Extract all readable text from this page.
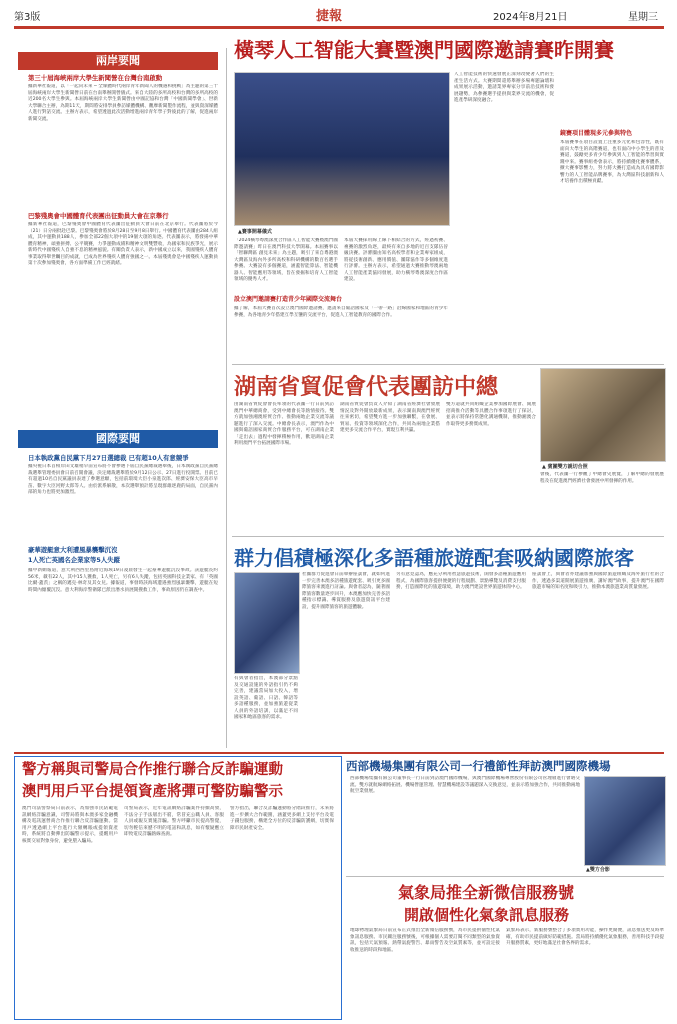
第3版	捷報	2024年8月21日	星期三
兩岸要聞
第三十屆海峽兩岸大學生新聞營在台灣台南啟動
據新華社報道，以「一起向未來 ─ 全媒體時代兩岸青年新聞人的機遇和挑戰」為主題的第三十屆海峽兩岸大學生新聞營日前在台南舉辦開營儀式。來自大陸的多所高校和台灣的多所高校的近200名大學生參與。本屆海峽兩岸大學生新聞營由中國記協和台灣「中國新聞學會」、世新大學聯合主辦，為期11天，期間將安排學員參訪媒體機構、觀摩新聞製作流程，並與資深媒體人進行對話交流。主辦方表示，希望透過此次活動增進兩岸青年學子對彼此的了解，促進兩岸新聞交流。
巴黎殘奧會中國體育代表團出征動員大會在京舉行
據新華社報道，巴黎殘奧會中國體育代表團出征動員大會日前在北京舉行。代表團將於今（21）日分兩批赴巴黎。巴黎殘奧會將於8月28日至9月8日舉行。中國體育代表團由284人組成，其中運動員188人，參加全部22個大項中的19個大項的角逐。代表團表示，將發揚中華體育精神，頑強拼搏、公平競賽，力爭運動成績和精神文明雙豐收，為國家和民族爭光，展示新時代中國殘疾人自強不息的精神風貌。有關負責人表示，新中國成立以來，我國殘疾人體育事業取得舉世矚目的成就，已成為世界殘疾人體育強國之一。本屆殘奧會是中國殘疾人運動員第十次參加殘奧會，各方面準備工作已經就緒。
國際要聞
日本執政黨自民黨下月27日選總裁 已有超10人有意競爭
據央視日本首相岸田文雄稍早前宣布將不會參選下屆自民黨總裁選舉後，日本執政黨自民黨總裁選舉管理委員會日前召開會議，決定總裁選舉將於9月12日公示、27日進行投開票。目前已有超過10名自民黨議員表達了參選意願，包括前環境大臣小泉進次郎、經濟安保大臣高市早苗、數字大臣河野太郎等人。由於派系解散，本次選舉預計將呈現群雄逐鹿的局面，自民黨內部的角力也將更加激烈。
豪華遊艇意大利遭風暴襲擊沉沒
1人死亡英國名企業家等5人失蹤
據中新網報道，意大利西西里島附近海域19日凌晨發生一起豪華遊艇沉沒事故。該遊艇長約56米，載有22人，其中15人獲救，1人死亡，另有6人失蹤，包括英國科技企業家、有「英國比爾·蓋茨」之稱的邁克·林奇及其女兒。據報道，事發時該海域遭遇強烈風暴襲擊，遊艇在短時間內傾覆沉沒。意大利海岸警衛隊已派出潛水員展開搜救工作，事故原因仍在調查中。
橫琴人工智能大賽暨澳門國際邀請賽昨開賽
▲賽事開幕儀式
「2024橫琴粵澳深度合作區人工智能大賽暨澳門國際邀請賽」昨日在澳門科技大學開幕。本屆賽事以「智聯灣區 創見未來」為主題，吸引了來自粵港澳大灣區及海內外多所高校和科研機構的數百名選手參賽。大賽設有多個賽道，涵蓋智能算法、智能機器人、智能應用等領域，旨在發掘和培育人工智能領域的優秀人才。
設立澳門邀請賽打造青少年國際交流舞台
據了解，本屆大賽首次設立澳門國際邀請賽，邀請來自葡語國家及「一帶一路」沿線國家和地區的青少年參賽，為各地青少年搭建互學互鑒的交流平台，促進人工智能教育的國際合作。
本屆大賽採用線上線下相結合的方式，經過初賽、複賽的激烈角逐，最終有來自多地的近百支隊伍晉級決賽。評審團由知名高校學者和企業專家組成，將從技術創新、應用價值、團隊協作等多個維度進行評審。主辦方表示，希望通過大賽推動琴澳兩地人工智能產業協同發展，助力橫琴粵澳深度合作區建設。
人工智能技術的快速發展正深刻改變著人們的生產生活方式。大賽期間還將舉辦多場專題論壇和成果展示活動，邀請業界專家分享前沿技術和發展趨勢，為參賽選手提供與業界交流的機會，促進產學研深度融合。
鏡賽項目體現多元參與特色
本屆賽事在項目設置上注重多元化和包容性，既有面向大學生的高階賽道，也有面向中小學生的普及賽道，鼓勵更多青少年參與到人工智能的學習與實踐中來。賽事組委會表示，將持續優化賽事體系，擴大賽事影響力，努力將大賽打造成為具有國際影響力的人工智能品牌賽事，為大灣區科技創新和人才培養作出積極貢獻。
湖南省貿促會代表團訪中總
由湖南省貿促會會長率領的代表團一行日前到訪澳門中華總商會，受到中總會長等熱情接待。雙方就加強湘澳經貿合作、推動兩地企業交流等議題進行了深入交流。中總會長表示，澳門作為中國與葡語國家商貿合作服務平台，可在湖南企業「走出去」過程中發揮積極作用，歡迎湖南企業利用澳門平台拓展國際市場。
湖南省貿促會負責人介紹了湖南省經濟社會發展情況及對外開放最新成果，表示湖南與澳門經貿往來密切，希望雙方進一步加強聯繫，在會展、貿易、投資等領域深化合作，共同為兩地企業搭建更多交流合作平台，實現互利共贏。
雙方還就共同組織企業參加國際展會、開展招商推介活動等具體合作事項進行了探討，並表示將保持常態化溝通機制，推動湘澳合作取得更多務實成果。
▲ 賓團雙方親切合照
會後，代表團一行參觀了中總會史展覽，了解中總的發展歷程及在促進澳門經濟社會發展中所發揮的作用。
群力倡積極深化多語種旅遊配套吸納國際旅客
社團群力促進會日前舉辦座談會，就如何進一步完善本澳多語種旅遊配套、吸引更多國際旅客來澳進行討論。與會者認為，隨著國際旅客數量逐步回升，本澳應加快完善多語種指示標識、導賞服務及旅遊資訊平台建設，提升國際旅客的旅遊體驗。
有與會者指出，本澳部分景點及交通設施的外語指引仍不夠完善，建議當局加大投入，增設英語、葡語、日語、韓語等多語種服務，並加強旅遊從業人員的外語培訓，以滿足不同國家和地區旅客的需求。
另有意見認為，應充分利用智慧旅遊技術，開發多語種旅遊應用程式，為國際旅客提供便捷的行程規劃、景點導覽及消費支付服務，打造國際化的旅遊環境，助力澳門建設世界旅遊休閒中心。
座談會上，與會者亦建議加強與國際旅遊組織及海外旅行社的合作，透過多渠道開展旅遊推廣，講好澳門故事，提升澳門在國際旅遊市場的知名度和吸引力，推動本澳旅遊業高質量發展。
警方稱與司警局合作推行聯合反詐騙運動
澳門用戶平台提領資產將彈可警防騙警示
澳門司法警察局日前表示，為加強市民防範電訊網絡詐騙意識，司警局將與本澳多家金融機構及電訊運營商合作推行聯合反詐騙運動。當用戶透過網上平台進行大額轉賬或提領資產時，系統將自動彈出防騙警示提示，提醒用戶核實交易對象身份，避免墮入騙局。
司警局表示，近年電訊網絡詐騙案件持續高發，不法分子手法層出不窮，常冒充公職人員、客服人員或親友實施詐騙。警方呼籲市民提高警覺，切勿輕信來歷不明的電話和訊息，如有懷疑應立即致電反詐騙熱線查詢。
警方指出，聯合反詐騙運動將分階段推行，未來將進一步擴大合作範圍，涵蓋更多網上支付平台及電子錢包服務，構建全方位的反詐騙防護網，切實保障市民財產安全。
西部機場集團有限公司一行禮節性拜訪澳門國際機場
西部機場集團有限公司董事長一行日前到訪澳門國際機場，與澳門國際機場專營股份有限公司管理層進行會晤交流。雙方就航線網絡拓展、機場營運管理、智慧機場建設等議題深入交換意見，並表示將加強合作，共同推動兩地航空業發展。
▲雙方合影
氣象局推全新微信服務號
開啟個性化氣象訊息服務
地球物理氣象局日前宣布正式推出全新微信服務號，為市民提供個性化氣象訊息服務。市民關注服務號後，可根據個人需要訂閱不同類型的氣象資訊，包括天氣預報、熱帶氣旋警告、暴雨警告及空氣質素等，並可設定接收推送的時段和地區。
氣象局表示，新服務號整合了多項實用功能，操作更簡便，訊息推送更及時準確，有助市民提前做好防範措施。當局將持續優化氣象服務，善用科技手段提升服務質素，更好地滿足社會各界的需求。
